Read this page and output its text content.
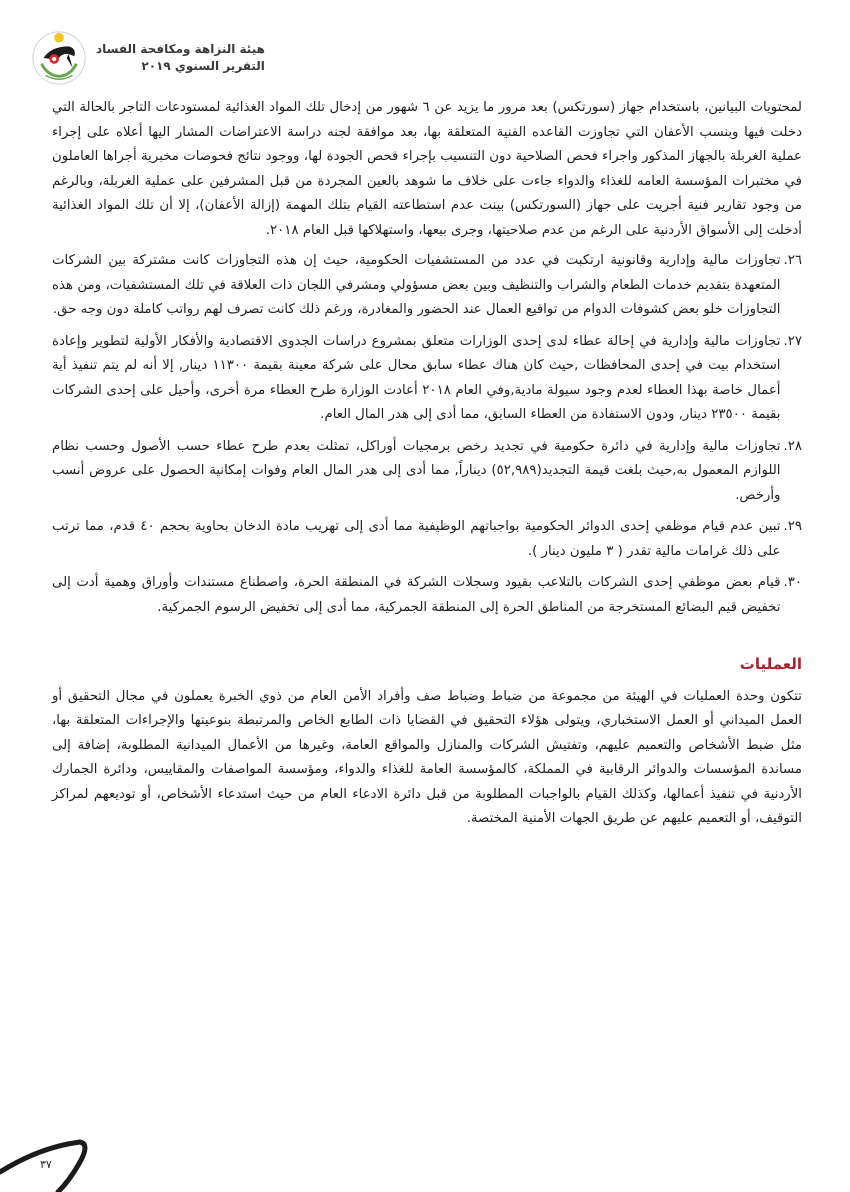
هيئة النزاهة ومكافحة الفساد
التقرير السنوي ٢٠١٩

لمحتويات البيانين، باستخدام جهاز (سورتكس) بعد مرور ما يزيد عن ٦ شهور من إدخال تلك المواد الغذائية لمستودعات التاجر بالحالة التي دخلت فيها وبنسب الأعفان التي تجاوزت القاعده الفنية المتعلقة بها، بعد موافقة لجنه دراسة الاعتراضات المشار اليها أعلاه على إجراء عملية الغربلة بالجهاز المذكور واجراء فحص الصلاحية دون التنسيب بإجراء فحص الجودة لها، ووجود نتائج فحوصات مخبرية أجراها العاملون في مختبرات المؤسسة العامه للغذاء والدواء جاءت على خلاف ما شوهد بالعين المجردة من قبل المشرفين على عملية الغربلة، وبالرغم من وجود تقارير فنية أجريت على جهاز (السورتكس) بينت عدم استطاعته القيام بتلك المهمة (إزالة الأعفان)، إلا أن تلك المواد الغذائية أدخلت إلى الأسواق الأردنية على الرغم من عدم صلاحيتها، وجرى بيعها، واستهلاكها قبل العام ٢٠١٨.

٢٦.
تجاوزات مالية وإدارية وقانونية ارتكبت في عدد من المستشفيات الحكومية، حيث إن هذه التجاوزات كانت مشتركة بين الشركات المتعهدة بتقديم خدمات الطعام والشراب والتنظيف وبين بعض مسؤولي ومشرفي اللجان ذات العلاقة في تلك المستشفيات، ومن هذه التجاوزات خلو بعض كشوفات الدوام من تواقيع العمال عند الحضور والمغادرة، ورغم ذلك كانت تصرف لهم رواتب كاملة دون وجه حق.
٢٧.
تجاوزات مالية وإدارية في إحالة عطاء لدى إحدى الوزارات متعلق بمشروع دراسات الجدوى الاقتصادية والأفكار الأولية لتطوير وإعادة استخدام بيت في إحدى المحافظات ,حيث كان هناك عطاء سابق محال على شركة معينة بقيمة ١١٣٠٠ دينار, إلا أنه لم يتم تنفيذ أية أعمال خاصة بهذا العطاء لعدم وجود سيولة مادية,وفي العام ٢٠١٨ أعادت الوزارة طرح العطاء مرة أخرى، وأحيل على إحدى الشركات بقيمة ٢٣٥٠٠ دينار, ودون الاستفادة من العطاء السابق، مما أدى إلى هدر المال العام.
٢٨.
تجاوزات مالية وإدارية في دائرة حكومية في تجديد رخص برمجيات أوراكل، تمثلت بعدم طرح عطاء حسب الأصول وحسب نظام اللوازم المعمول به,حيث بلغت قيمة التجديد(٥٢,٩٨٩) ديناراً, مما أدى إلى هدر المال العام وفوات إمكانية الحصول على عروض أنسب وأرخص.
٢٩.
تبين عدم قيام موظفي إحدى الدوائر الحكومية بواجباتهم الوظيفية مما أدى إلى تهريب مادة الدخان بحاوية بحجم ٤٠ قدم، مما ترتب على ذلك غرامات مالية تقدر ( ٣ مليون دينار ).
٣٠.
قيام بعض موظفي إحدى الشركات بالتلاعب بقيود وسجلات الشركة في المنطقة الحرة، واصطناع مستندات وأوراق وهمية أدت إلى تخفيض قيم البضائع المستخرجة من المناطق الحرة إلى المنطقة الجمركية، مما أدى إلى تخفيض الرسوم الجمركية.
العمليات

تتكون وحدة العمليات في الهيئة من مجموعة من ضباط وضباط صف وأفراد الأمن العام من ذوي الخبرة يعملون في مجال التحقيق أو العمل الميداني أو العمل الاستخباري، ويتولى هؤلاء التحقيق في القضايا ذات الطابع الخاص والمرتبطة بنوعيتها والإجراءات المتعلقة بها، مثل ضبط الأشخاص والتعميم عليهم، وتفتيش الشركات والمنازل والمواقع العامة، وغيرها من الأعمال الميدانية المطلوبة، إضافة إلى مساندة المؤسسات والدوائر الرقابية في المملكة، كالمؤسسة العامة للغذاء والدواء، ومؤسسة المواصفات والمقاييس، ودائرة الجمارك الأردنية في تنفيذ أعمالها، وكذلك القيام بالواجبات المطلوبة من قبل دائرة الادعاء العام من حيث استدعاء الأشخاص، أو توديعهم لمراكز التوقيف، أو التعميم عليهم عن طريق الجهات الأمنية المختصة.

٣٧
